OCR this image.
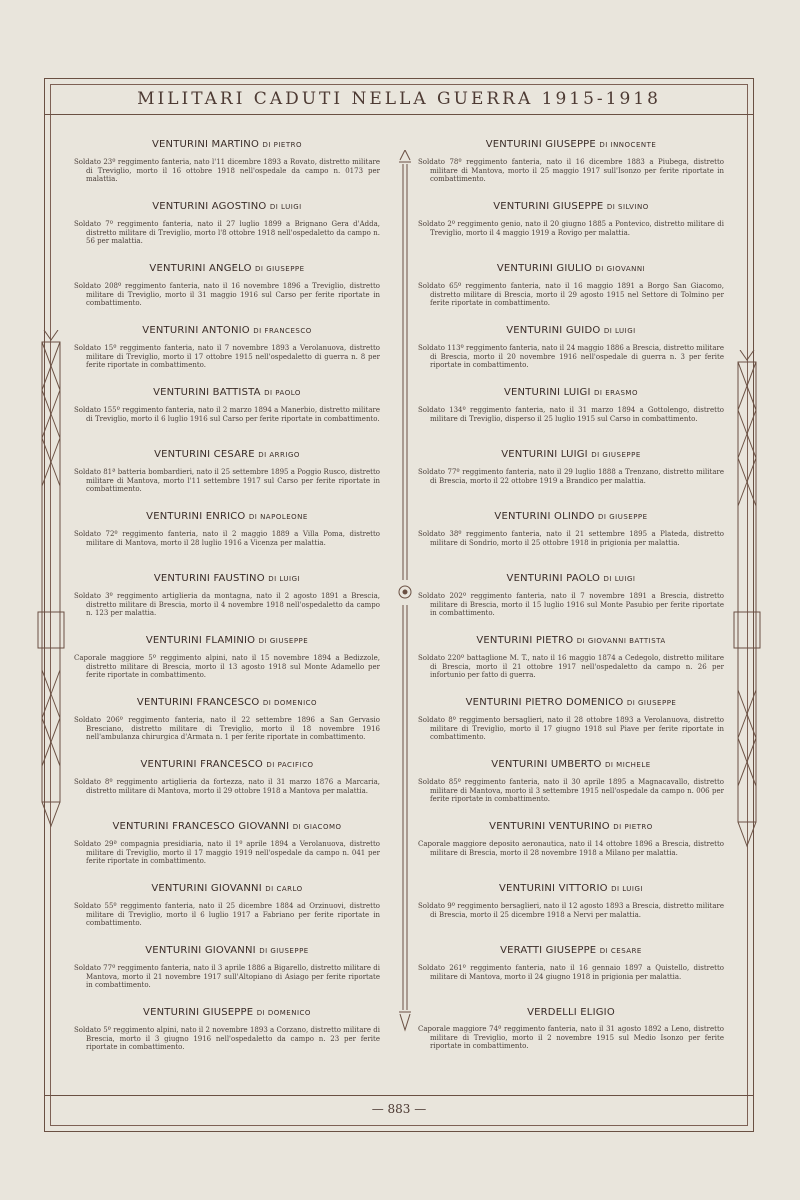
MILITARI CADUTI NELLA GUERRA 1915-1918
VENTURINI MARTINO DI PIETRO
Soldato 23º reggimento fanteria, nato l'11 dicembre 1893 a Rovato, distretto militare di Treviglio, morto il 16 ottobre 1918 nell'ospedale da campo n. 0173 per malattia.
VENTURINI AGOSTINO DI LUIGI
Soldato 7º reggimento fanteria, nato il 27 luglio 1899 a Brignano Gera d'Adda, distretto militare di Treviglio, morto l'8 ottobre 1918 nell'ospedaletto da campo n. 56 per malattia.
VENTURINI ANGELO DI GIUSEPPE
Soldato 208º reggimento fanteria, nato il 16 novembre 1896 a Treviglio, distretto militare di Treviglio, morto il 31 maggio 1916 sul Carso per ferite riportate in combattimento.
VENTURINI ANTONIO DI FRANCESCO
Soldato 15º reggimento fanteria, nato il 7 novembre 1893 a Verolanuova, distretto militare di Treviglio, morto il 17 ottobre 1915 nell'ospedaletto di guerra n. 8 per ferite riportate in combattimento.
VENTURINI BATTISTA DI PAOLO
Soldato 155º reggimento fanteria, nato il 2 marzo 1894 a Manerbio, distretto militare di Treviglio, morto il 6 luglio 1916 sul Carso per ferite riportate in combattimento.
VENTURINI CESARE DI ARRIGO
Soldato 81ª batteria bombardieri, nato il 25 settembre 1895 a Poggio Rusco, distretto militare di Mantova, morto l'11 settembre 1917 sul Carso per ferite riportate in combattimento.
VENTURINI ENRICO DI NAPOLEONE
Soldato 72º reggimento fanteria, nato il 2 maggio 1889 a Villa Poma, distretto militare di Mantova, morto il 28 luglio 1916 a Vicenza per malattia.
VENTURINI FAUSTINO DI LUIGI
Soldato 3º reggimento artiglieria da montagna, nato il 2 agosto 1891 a Brescia, distretto militare di Brescia, morto il 4 novembre 1918 nell'ospedaletto da campo n. 123 per malattia.
VENTURINI FLAMINIO DI GIUSEPPE
Caporale maggiore 5º reggimento alpini, nato il 15 novembre 1894 a Bedizzole, distretto militare di Brescia, morto il 13 agosto 1918 sul Monte Adamello per ferite riportate in combattimento.
VENTURINI FRANCESCO DI DOMENICO
Soldato 206º reggimento fanteria, nato il 22 settembre 1896 a San Gervasio Bresciano, distretto militare di Treviglio, morto il 18 novembre 1916 nell'ambulanza chirurgica d'Armata n. 1 per ferite riportate in combattimento.
VENTURINI FRANCESCO DI PACIFICO
Soldato 8º reggimento artiglieria da fortezza, nato il 31 marzo 1876 a Marcaria, distretto militare di Mantova, morto il 29 ottobre 1918 a Mantova per malattia.
VENTURINI FRANCESCO GIOVANNI DI GIACOMO
Soldato 29ª compagnia presidiaria, nato il 1º aprile 1894 a Verolanuova, distretto militare di Treviglio, morto il 17 maggio 1919 nell'ospedale da campo n. 041 per ferite riportate in combattimento.
VENTURINI GIOVANNI DI CARLO
Soldato 55º reggimento fanteria, nato il 25 dicembre 1884 ad Orzinuovi, distretto militare di Treviglio, morto il 6 luglio 1917 a Fabriano per ferite riportate in combattimento.
VENTURINI GIOVANNI DI GIUSEPPE
Soldato 77º reggimento fanteria, nato il 3 aprile 1886 a Bigarello, distretto militare di Mantova, morto il 21 novembre 1917 sull'Altopiano di Asiago per ferite riportate in combattimento.
VENTURINI GIUSEPPE DI DOMENICO
Soldato 5º reggimento alpini, nato il 2 novembre 1893 a Corzano, distretto militare di Brescia, morto il 3 giugno 1916 nell'ospedaletto da campo n. 23 per ferite riportate in combattimento.
VENTURINI GIUSEPPE DI INNOCENTE
Soldato 78º reggimento fanteria, nato il 16 dicembre 1883 a Piubega, distretto militare di Mantova, morto il 25 maggio 1917 sull'Isonzo per ferite riportate in combattimento.
VENTURINI GIUSEPPE DI SILVINO
Soldato 2º reggimento genio, nato il 20 giugno 1885 a Pontevico, distretto militare di Treviglio, morto il 4 maggio 1919 a Rovigo per malattia.
VENTURINI GIULIO DI GIOVANNI
Soldato 65º reggimento fanteria, nato il 16 maggio 1891 a Borgo San Giacomo, distretto militare di Brescia, morto il 29 agosto 1915 nel Settore di Tolmino per ferite riportate in combattimento.
VENTURINI GUIDO DI LUIGI
Soldato 113º reggimento fanteria, nato il 24 maggio 1886 a Brescia, distretto militare di Brescia, morto il 20 novembre 1916 nell'ospedale di guerra n. 3 per ferite riportate in combattimento.
VENTURINI LUIGI DI ERASMO
Soldato 134º reggimento fanteria, nato il 31 marzo 1894 a Gottolengo, distretto militare di Treviglio, disperso il 25 luglio 1915 sul Carso in combattimento.
VENTURINI LUIGI DI GIUSEPPE
Soldato 77º reggimento fanteria, nato il 29 luglio 1888 a Trenzano, distretto militare di Brescia, morto il 22 ottobre 1919 a Brandico per malattia.
VENTURINI OLINDO DI GIUSEPPE
Soldato 38º reggimento fanteria, nato il 21 settembre 1895 a Plateda, distretto militare di Sondrio, morto il 25 ottobre 1918 in prigionia per malattia.
VENTURINI PAOLO DI LUIGI
Soldato 202º reggimento fanteria, nato il 7 novembre 1891 a Brescia, distretto militare di Brescia, morto il 15 luglio 1916 sul Monte Pasubio per ferite riportate in combattimento.
VENTURINI PIETRO DI GIOVANNI BATTISTA
Soldato 220º battaglione M. T., nato il 16 maggio 1874 a Cedegolo, distretto militare di Brescia, morto il 21 ottobre 1917 nell'ospedaletto da campo n. 26 per infortunio per fatto di guerra.
VENTURINI PIETRO DOMENICO DI GIUSEPPE
Soldato 8º reggimento bersaglieri, nato il 28 ottobre 1893 a Verolanuova, distretto militare di Treviglio, morto il 17 giugno 1918 sul Piave per ferite riportate in combattimento.
VENTURINI UMBERTO DI MICHELE
Soldato 85º reggimento fanteria, nato il 30 aprile 1895 a Magnacavallo, distretto militare di Mantova, morto il 3 settembre 1915 nell'ospedale da campo n. 006 per ferite riportate in combattimento.
VENTURINI VENTURINO DI PIETRO
Caporale maggiore deposito aeronautica, nato il 14 ottobre 1896 a Brescia, distretto militare di Brescia, morto il 28 novembre 1918 a Milano per malattia.
VENTURINI VITTORIO DI LUIGI
Soldato 9º reggimento bersaglieri, nato il 12 agosto 1893 a Brescia, distretto militare di Brescia, morto il 25 dicembre 1918 a Nervi per malattia.
VERATTI GIUSEPPE DI CESARE
Soldato 261º reggimento fanteria, nato il 16 gennaio 1897 a Quistello, distretto militare di Mantova, morto il 24 giugno 1918 in prigionia per malattia.
VERDELLI ELIGIO
Caporale maggiore 74º reggimento fanteria, nato il 31 agosto 1892 a Leno, distretto militare di Treviglio, morto il 2 novembre 1915 sul Medio Isonzo per ferite riportate in combattimento.
— 883 —
